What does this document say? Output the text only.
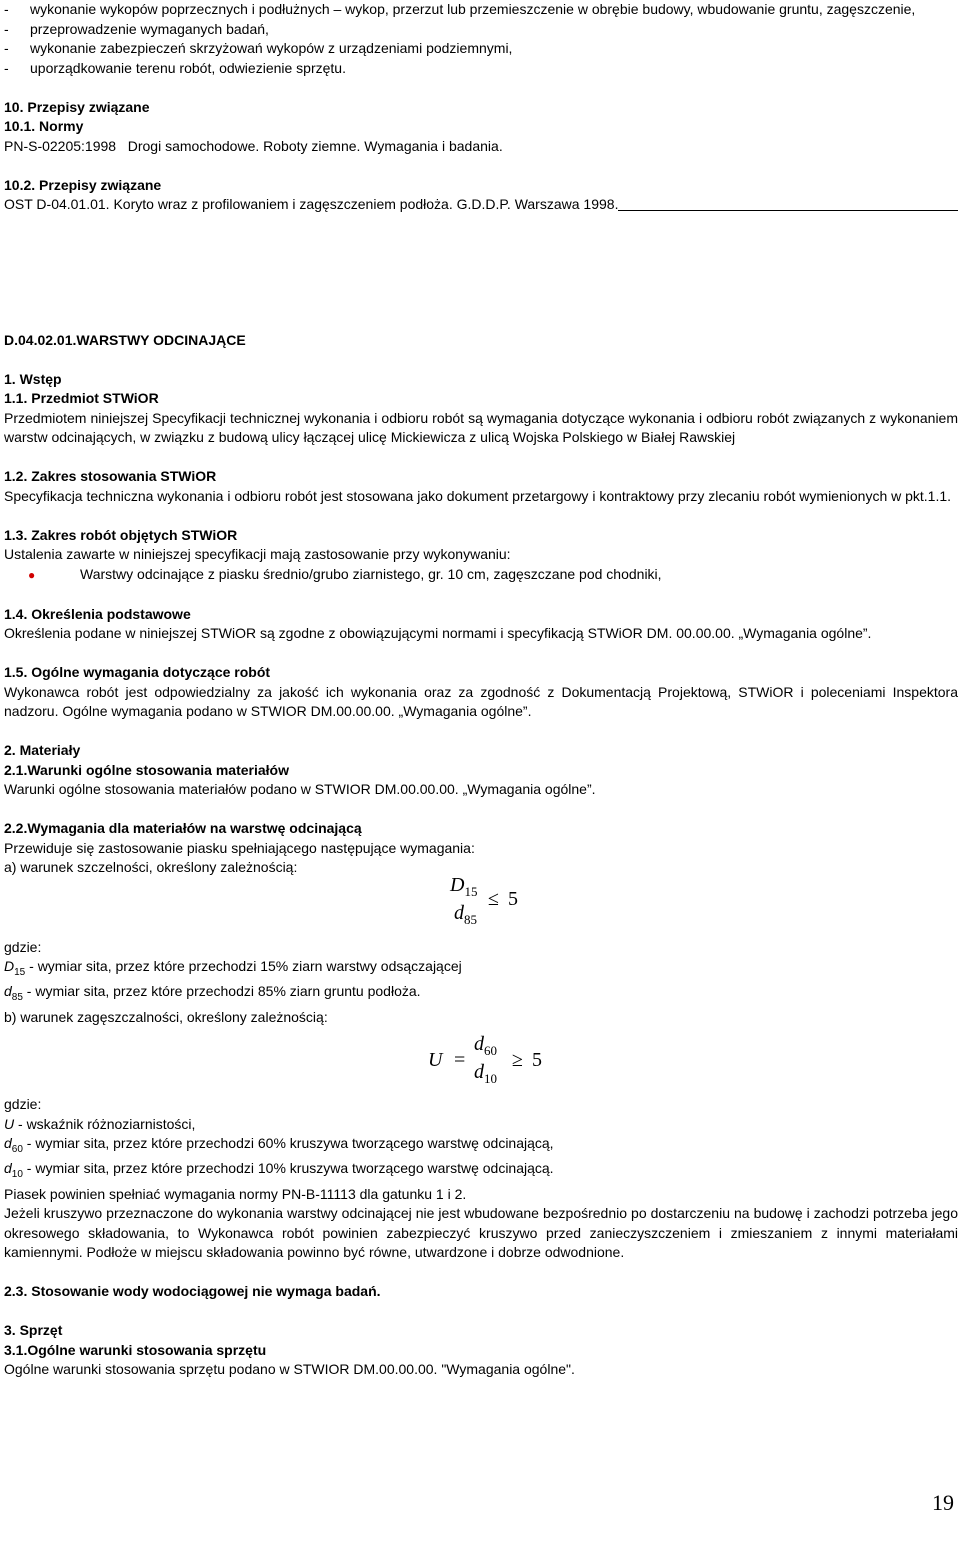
-	wykonanie wykopów poprzecznych i podłużnych – wykop, przerzut lub przemieszczenie w obrębie budowy, wbudowanie gruntu, zagęszczenie,
-	przeprowadzenie wymaganych badań,
-	wykonanie zabezpieczeń skrzyżowań wykopów z urządzeniami podziemnymi,
-	uporządkowanie terenu robót, odwiezienie sprzętu.

10. Przepisy związane

10.1. Normy

PN-S-02205:1998   Drogi samochodowe. Roboty ziemne. Wymagania i badania.

10.2. Przepisy związane

OST D-04.01.01. Koryto wraz z profilowaniem i zagęszczeniem podłoża. G.D.D.P. Warszawa 1998.

D.04.02.01.WARSTWY ODCINAJĄCE

1. Wstęp

1.1. Przedmiot STWiOR

Przedmiotem niniejszej Specyfikacji technicznej wykonania i odbioru robót są wymagania dotyczące wykonania i odbioru robót związanych z wykonaniem warstw odcinających, w związku z budową ulicy łączącej ulicę Mickiewicza z ulicą Wojska Polskiego w Białej Rawskiej

1.2. Zakres stosowania STWiOR

Specyfikacja techniczna wykonania i odbioru robót jest stosowana jako dokument przetargowy i kontraktowy przy zlecaniu robót wymienionych w pkt.1.1.

1.3. Zakres robót objętych STWiOR

Ustalenia zawarte w niniejszej specyfikacji mają zastosowanie przy wykonywaniu:

●	Warstwy odcinające z piasku średnio/grubo ziarnistego, gr. 10 cm, zagęszczane pod chodniki,

1.4. Określenia podstawowe

Określenia podane w niniejszej STWiOR są zgodne z obowiązującymi normami i specyfikacją STWiOR DM. 00.00.00. „Wymagania ogólne”.

1.5. Ogólne wymagania dotyczące robót

Wykonawca robót jest odpowiedzialny za jakość ich wykonania oraz za zgodność z Dokumentacją Projektową, STWiOR i poleceniami Inspektora nadzoru. Ogólne wymagania podano w STWIOR DM.00.00.00. „Wymagania ogólne”.

2. Materiały

2.1.Warunki ogólne stosowania materiałów

Warunki ogólne stosowania materiałów podano w STWIOR DM.00.00.00. „Wymagania ogólne”.

2.2.Wymagania dla materiałów na warstwę odcinającą

Przewiduje się zastosowanie piasku spełniającego następujące wymagania:

a) warunek szczelności, określony zależnością:

$D_{15}$
$d_{85}$
≤ 5

gdzie:

$D_{15}$ - wymiar sita, przez które przechodzi 15% ziarn warstwy odsączającej

$d_{85}$ - wymiar sita, przez które przechodzi 85% ziarn gruntu podłoża.

b) warunek zagęszczalności, określony zależnością:

U =
$d_{60}$
$d_{10}$
≥ 5

gdzie:

U - wskaźnik różnoziarnistości,

$d_{60}$ - wymiar sita, przez które przechodzi 60% kruszywa tworzącego warstwę odcinającą,

$d_{10}$ - wymiar sita, przez które przechodzi 10% kruszywa tworzącego warstwę odcinającą.

Piasek powinien spełniać wymagania normy PN-B-11113 dla gatunku 1 i 2.

Jeżeli kruszywo przeznaczone do wykonania warstwy odcinającej nie jest wbudowane bezpośrednio po dostarczeniu na budowę i zachodzi potrzeba jego okresowego składowania, to Wykonawca robót powinien zabezpieczyć kruszywo przed zanieczyszczeniem i zmieszaniem z innymi materiałami kamiennymi. Podłoże w miejscu składowania powinno być równe, utwardzone i dobrze odwodnione.

2.3. Stosowanie wody wodociągowej nie wymaga badań.

3. Sprzęt

3.1.Ogólne warunki stosowania sprzętu

Ogólne warunki stosowania sprzętu podano w STWIOR DM.00.00.00. "Wymagania ogólne".

19
